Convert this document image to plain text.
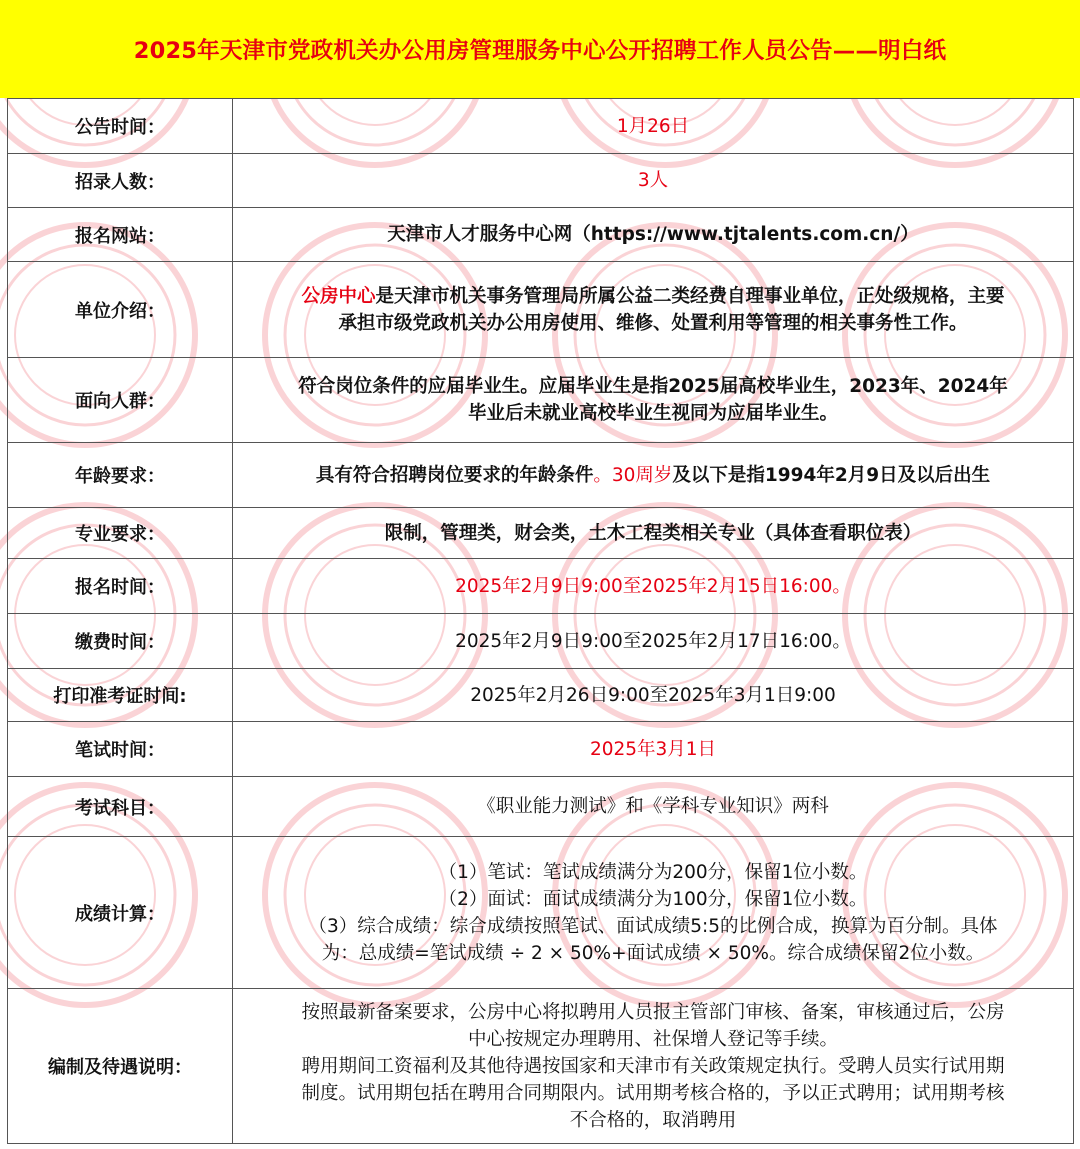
2025年天津市党政机关办公用房管理服务中心公开招聘工作人员公告——明白纸
公告时间：	1月26日
招录人数：	3人
报名网站：	天津市人才服务中心网（https://www.tjtalents.com.cn/）
单位介绍：	公房中心是天津市机关事务管理局所属公益二类经费自理事业单位，正处级规格，主要
承担市级党政机关办公用房使用、维修、处置利用等管理的相关事务性工作。

面向人群：	符合岗位条件的应届毕业生。应届毕业生是指2025届高校毕业生，2023年、2024年
毕业后未就业高校毕业生视同为应届毕业生。

年龄要求：	具有符合招聘岗位要求的年龄条件。30周岁及以下是指1994年2月9日及以后出生
专业要求：	限制，管理类，财会类，土木工程类相关专业（具体查看职位表）
报名时间：	2025年2月9日9:00至2025年2月15日16:00。
缴费时间：	2025年2月9日9:00至2025年2月17日16:00。
打印准考证时间:	2025年2月26日9:00至2025年3月1日9:00
笔试时间：	2025年3月1日
考试科目：	《职业能力测试》和《学科专业知识》两科
成绩计算：	（1）笔试：笔试成绩满分为200分，保留1位小数。
（2）面试：面试成绩满分为100分，保留1位小数。
（3）综合成绩：综合成绩按照笔试、面试成绩5:5的比例合成，换算为百分制。具体
为：总成绩=笔试成绩 ÷ 2 × 50%+面试成绩 × 50%。综合成绩保留2位小数。

编制及待遇说明：	按照最新备案要求，公房中心将拟聘用人员报主管部门审核、备案，审核通过后，公房
中心按规定办理聘用、社保增人登记等手续。
聘用期间工资福利及其他待遇按国家和天津市有关政策规定执行。受聘人员实行试用期
制度。试用期包括在聘用合同期限内。试用期考核合格的，予以正式聘用；试用期考核
不合格的，取消聘用
